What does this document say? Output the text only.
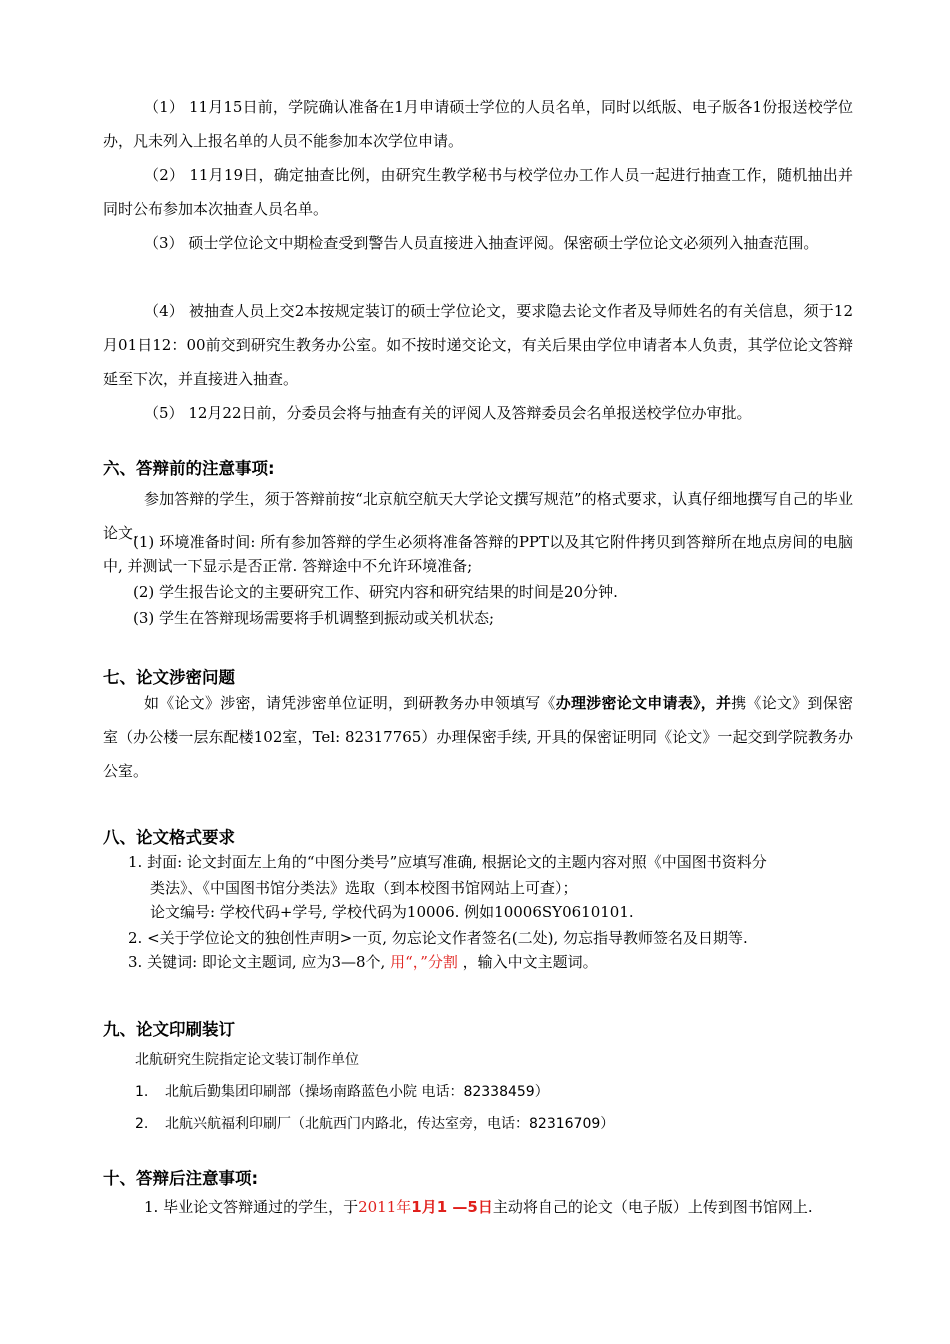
（1） 11月15日前，学院确认准备在1月申请硕士学位的人员名单，同时以纸版、电子版各1份报送校学位办，凡未列入上报名单的人员不能参加本次学位申请。

（2） 11月19日，确定抽查比例，由研究生教学秘书与校学位办工作人员一起进行抽查工作，随机抽出并同时公布参加本次抽查人员名单。

（3） 硕士学位论文中期检查受到警告人员直接进入抽查评阅。保密硕士学位论文必须列入抽查范围。

（4） 被抽查人员上交2本按规定装订的硕士学位论文，要求隐去论文作者及导师姓名的有关信息，须于12月01日12：00前交到研究生教务办公室。如不按时递交论文，有关后果由学位申请者本人负责，其学位论文答辩延至下次，并直接进入抽查。

（5） 12月22日前，分委员会将与抽查有关的评阅人及答辩委员会名单报送校学位办审批。

六、答辩前的注意事项:

参加答辩的学生，须于答辩前按“北京航空航天大学论文撰写规范”的格式要求，认真仔细地撰写自己的毕业论文.

(1) 环境准备时间: 所有参加答辩的学生必须将准备答辩的PPT以及其它附件拷贝到答辩所在地点房间的电脑中, 并测试一下显示是否正常. 答辩途中不允许环境准备;

(2) 学生报告论文的主要研究工作、研究内容和研究结果的时间是20分钟.

(3) 学生在答辩现场需要将手机调整到振动或关机状态;

七、论文涉密问题

如《论文》涉密，请凭涉密单位证明，到研教务办申领填写《办理涉密论文申请表》，并携《论文》到保密室（办公楼一层东配楼102室，Tel: 82317765）办理保密手续, 开具的保密证明同《论文》一起交到学院教务办公室。

八、论文格式要求

1. 封面: 论文封面左上角的“中图分类号”应填写准确, 根据论文的主题内容对照《中国图书资料分

类法》、《中国图书馆分类法》选取（到本校图书馆网站上可查）；

论文编号: 学校代码+学号, 学校代码为10006. 例如10006SY0610101.

2. <关于学位论文的独创性声明>一页, 勿忘论文作者签名(二处), 勿忘指导教师签名及日期等.

3. 关键词: 即论文主题词, 应为3—8个, 用“，”分割 ，输入中文主题词。

九、论文印刷装订

北航研究生院指定论文装订制作单位

1. 北航后勤集团印刷部（操场南路蓝色小院 电话：82338459）

2. 北航兴航福利印刷厂（北航西门内路北，传达室旁，电话：82316709）

十、答辩后注意事项:

1. 毕业论文答辩通过的学生，于2011年1月1 —5日主动将自己的论文（电子版）上传到图书馆网上.
